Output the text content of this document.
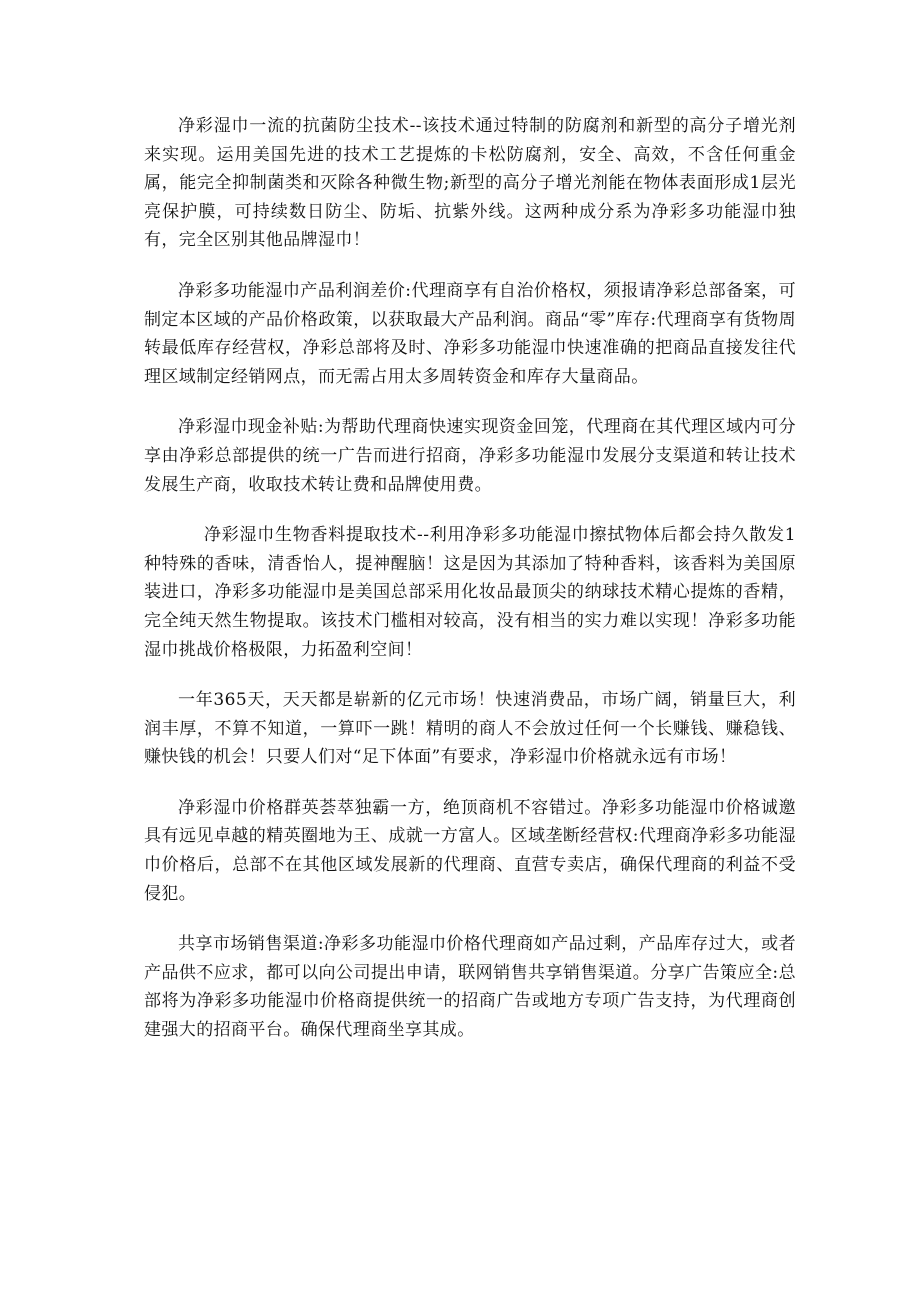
净彩湿巾一流的抗菌防尘技术--该技术通过特制的防腐剂和新型的高分子增光剂来实现。运用美国先进的技术工艺提炼的卡松防腐剂，安全、高效，不含任何重金属，能完全抑制菌类和灭除各种微生物;新型的高分子增光剂能在物体表面形成1层光亮保护膜，可持续数日防尘、防垢、抗紫外线。这两种成分系为净彩多功能湿巾独有，完全区别其他品牌湿巾！

净彩多功能湿巾产品利润差价:代理商享有自治价格权，须报请净彩总部备案，可制定本区域的产品价格政策，以获取最大产品利润。商品“零”库存:代理商享有货物周转最低库存经营权，净彩总部将及时、净彩多功能湿巾快速准确的把商品直接发往代理区域制定经销网点，而无需占用太多周转资金和库存大量商品。

净彩湿巾现金补贴:为帮助代理商快速实现资金回笼，代理商在其代理区域内可分享由净彩总部提供的统一广告而进行招商，净彩多功能湿巾发展分支渠道和转让技术发展生产商，收取技术转让费和品牌使用费。

净彩湿巾生物香料提取技术--利用净彩多功能湿巾擦拭物体后都会持久散发1种特殊的香味，清香怡人，提神醒脑！这是因为其添加了特种香料，该香料为美国原装进口，净彩多功能湿巾是美国总部采用化妆品最顶尖的纳球技术精心提炼的香精，完全纯天然生物提取。该技术门槛相对较高，没有相当的实力难以实现！净彩多功能湿巾挑战价格极限，力拓盈利空间！

一年365天，天天都是崭新的亿元市场！快速消费品，市场广阔，销量巨大，利润丰厚，不算不知道，一算吓一跳！精明的商人不会放过任何一个长赚钱、赚稳钱、赚快钱的机会！只要人们对“足下体面”有要求，净彩湿巾价格就永远有市场！

净彩湿巾价格群英荟萃独霸一方，绝顶商机不容错过。净彩多功能湿巾价格诚邀具有远见卓越的精英圈地为王、成就一方富人。区域垄断经营权:代理商净彩多功能湿巾价格后，总部不在其他区域发展新的代理商、直营专卖店，确保代理商的利益不受侵犯。

共享市场销售渠道:净彩多功能湿巾价格代理商如产品过剩，产品库存过大，或者产品供不应求，都可以向公司提出申请，联网销售共享销售渠道。分享广告策应全:总部将为净彩多功能湿巾价格商提供统一的招商广告或地方专项广告支持，为代理商创建强大的招商平台。确保代理商坐享其成。
